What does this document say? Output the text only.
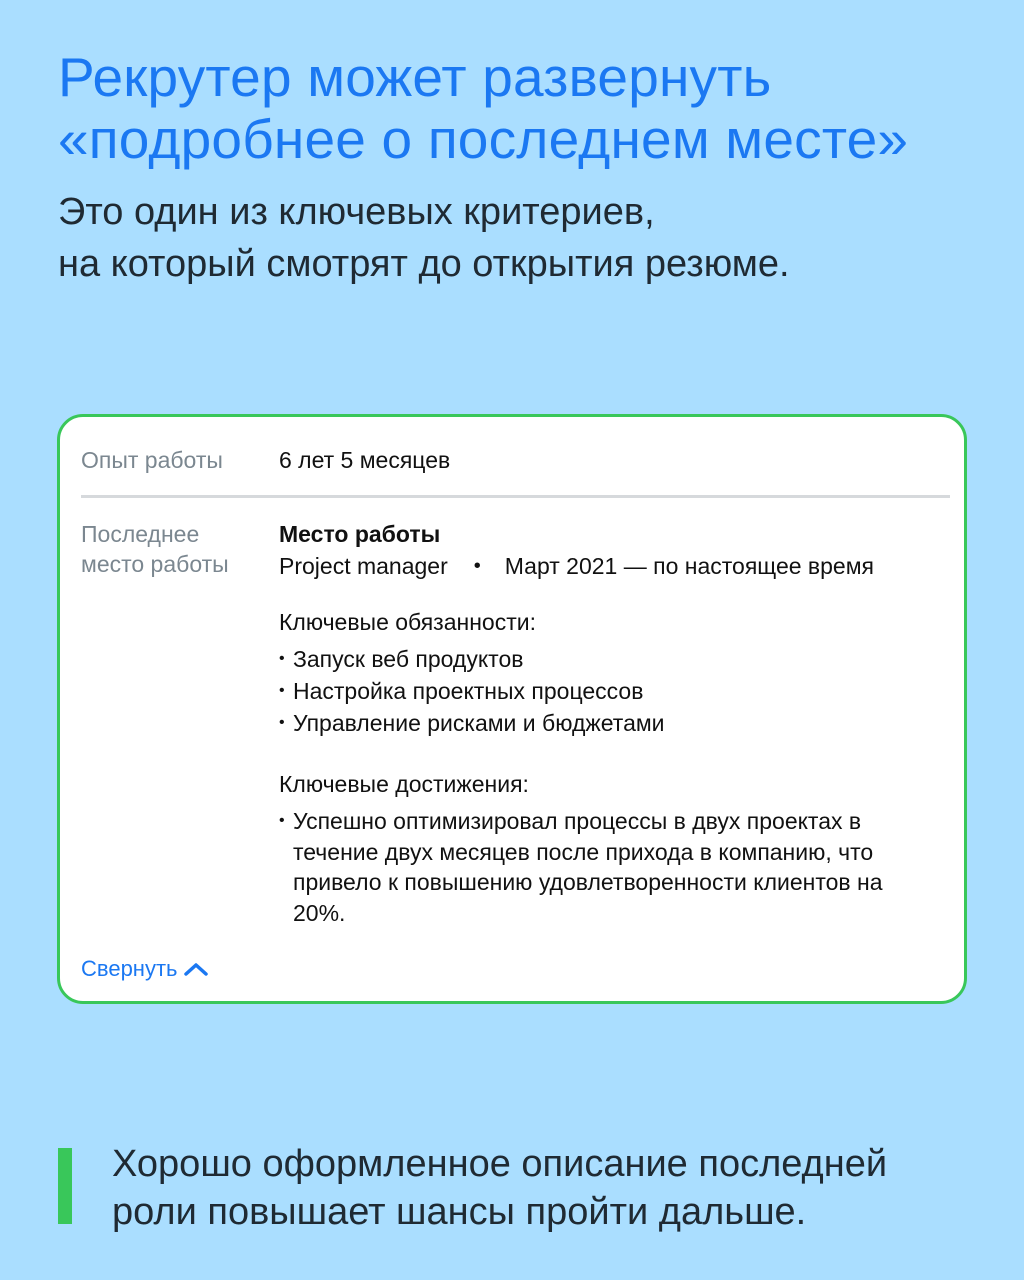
Рекрутер может развернуть
«подробнее о последнем месте»
Это один из ключевых критериев,
на который смотрят до открытия резюме.
Опыт работы 6 лет 5 месяцев
Последнее
место работы
Место работы
Project manager • Март 2021 — по настоящее время
Ключевые обязанности:
• Запуск веб продуктов
• Настройка проектных процессов
• Управление рисками и бюджетами
Ключевые достижения:
• Успешно оптимизировал процессы в двух проектах в течение двух месяцев после прихода в компанию, что привело к повышению удовлетворенности клиентов на 20%.
Свернуть
Хорошо оформленное описание последней
роли повышает шансы пройти дальше.
